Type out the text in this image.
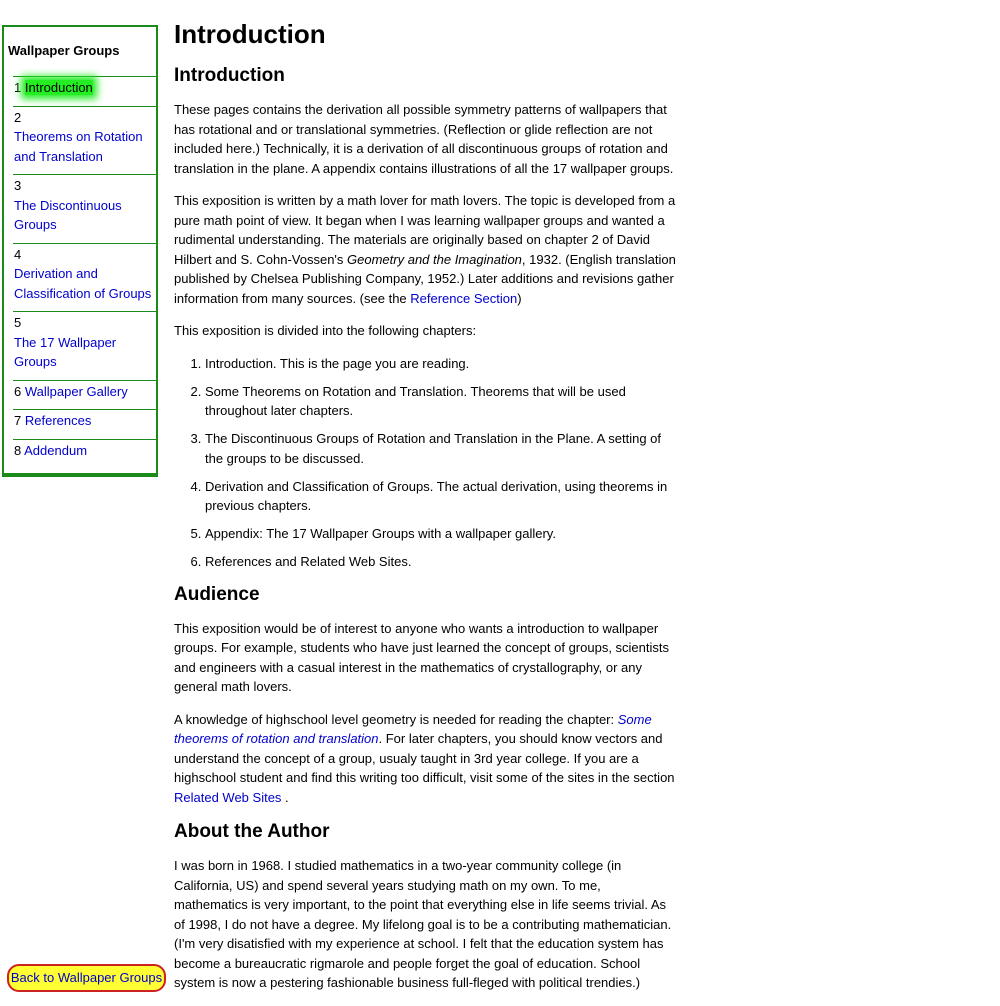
Wallpaper Groups
1 Introduction
2
Theorems on Rotation and Translation
3
The Discontinuous Groups
4
Derivation and Classification of Groups
5
The 17 Wallpaper Groups
6 Wallpaper Gallery
7 References
8 Addendum
Introduction
Introduction

These pages contains the derivation all possible symmetry patterns of wallpapers that has rotational and or translational symmetries. (Reflection or glide reflection are not included here.) Technically, it is a derivation of all discontinuous groups of rotation and translation in the plane. A appendix contains illustrations of all the 17 wallpaper groups.

This exposition is written by a math lover for math lovers. The topic is developed from a pure math point of view. It began when I was learning wallpaper groups and wanted a rudimental understanding. The materials are originally based on chapter 2 of David Hilbert and S. Cohn-Vossen's Geometry and the Imagination, 1932. (English translation published by Chelsea Publishing Company, 1952.) Later additions and revisions gather information from many sources. (see the Reference Section)

This exposition is divided into the following chapters:

1. Introduction. This is the page you are reading.
2. Some Theorems on Rotation and Translation. Theorems that will be used throughout later chapters.
3. The Discontinuous Groups of Rotation and Translation in the Plane. A setting of the groups to be discussed.
4. Derivation and Classification of Groups. The actual derivation, using theorems in previous chapters.
5. Appendix: The 17 Wallpaper Groups with a wallpaper gallery.
6. References and Related Web Sites.
Audience

This exposition would be of interest to anyone who wants a introduction to wallpaper groups. For example, students who have just learned the concept of groups, scientists and engineers with a casual interest in the mathematics of crystallography, or any general math lovers.

A knowledge of highschool level geometry is needed for reading the chapter: Some theorems of rotation and translation. For later chapters, you should know vectors and understand the concept of a group, usualy taught in 3rd year college. If you are a highschool student and find this writing too difficult, visit some of the sites in the section Related Web Sites .

About the Author

I was born in 1968. I studied mathematics in a two-year community college (in California, US) and spend several years studying math on my own. To me, mathematics is very important, to the point that everything else in life seems trivial. As of 1998, I do not have a degree. My lifelong goal is to be a contributing mathematician. (I'm very disatisfied with my experience at school. I felt that the education system has become a bureaucratic rigmarole and people forget the goal of education. School system is now a pestering fashionable business full-fleged with political trendies.)

Back to Wallpaper Groups
